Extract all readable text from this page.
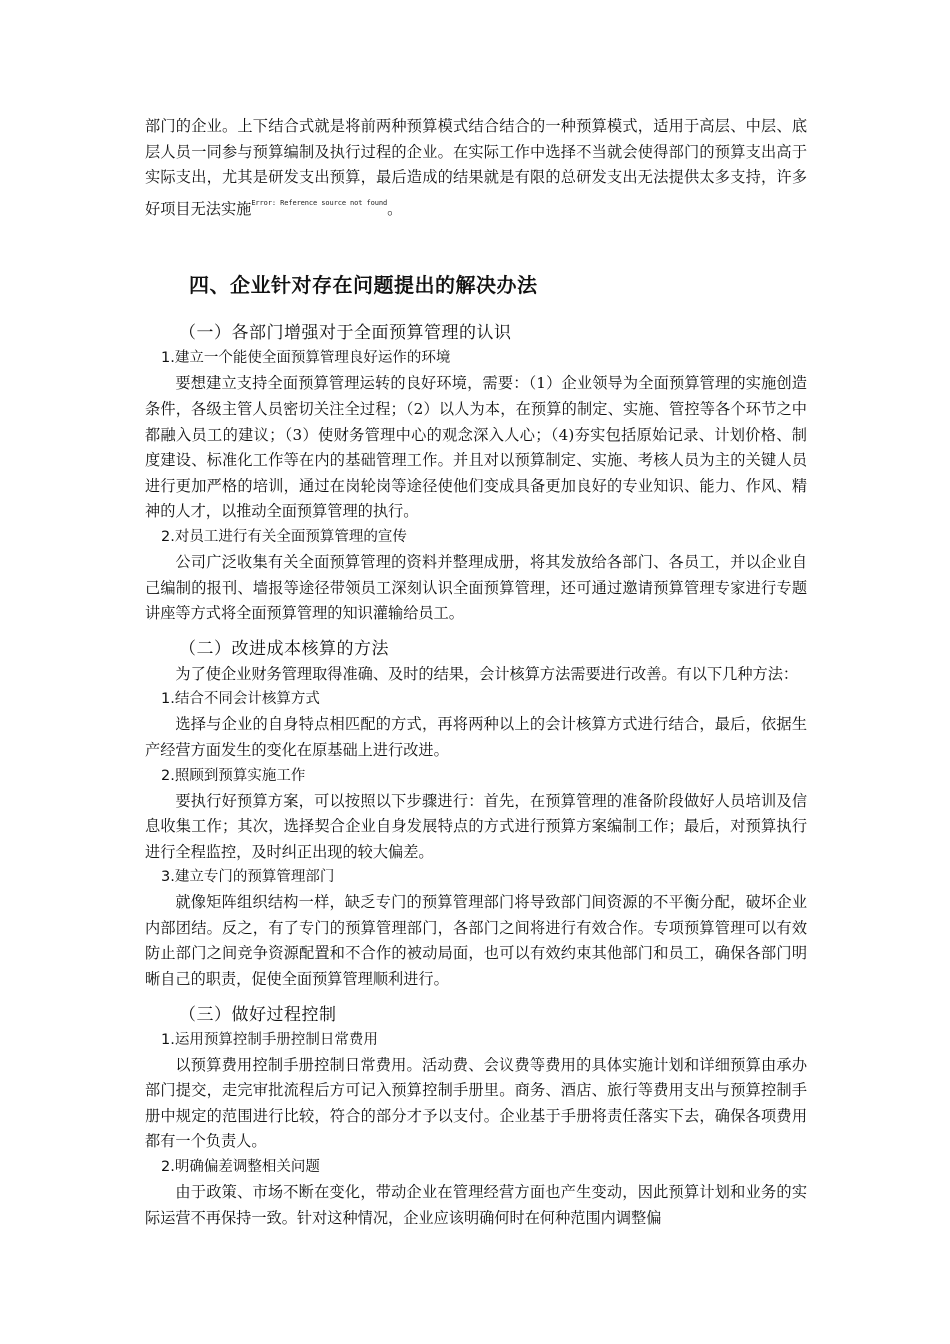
部门的企业。上下结合式就是将前两种预算模式结合结合的一种预算模式，适用于高层、中层、底层人员一同参与预算编制及执行过程的企业。在实际工作中选择不当就会使得部门的预算支出高于实际支出，尤其是研发支出预算，最后造成的结果就是有限的总研发支出无法提供太多支持，许多好项目无法实施$^{Error: Reference source not found}$。

四、企业针对存在问题提出的解决办法
（一）各部门增强对于全面预算管理的认识
1.建立一个能使全面预算管理良好运作的环境

要想建立支持全面预算管理运转的良好环境，需要：（1）企业领导为全面预算管理的实施创造条件，各级主管人员密切关注全过程；（2）以人为本，在预算的制定、实施、管控等各个环节之中都融入员工的建议；（3）使财务管理中心的观念深入人心；（4)夯实包括原始记录、计划价格、制度建设、标准化工作等在内的基础管理工作。并且对以预算制定、实施、考核人员为主的关键人员进行更加严格的培训，通过在岗轮岗等途径使他们变成具备更加良好的专业知识、能力、作风、精神的人才，以推动全面预算管理的执行。

2.对员工进行有关全面预算管理的宣传

公司广泛收集有关全面预算管理的资料并整理成册，将其发放给各部门、各员工，并以企业自己编制的报刊、墙报等途径带领员工深刻认识全面预算管理，还可通过邀请预算管理专家进行专题讲座等方式将全面预算管理的知识灌输给员工。

（二）改进成本核算的方法

为了使企业财务管理取得准确、及时的结果，会计核算方法需要进行改善。有以下几种方法：

1.结合不同会计核算方式

选择与企业的自身特点相匹配的方式，再将两种以上的会计核算方式进行结合，最后，依据生产经营方面发生的变化在原基础上进行改进。

2.照顾到预算实施工作

要执行好预算方案，可以按照以下步骤进行：首先，在预算管理的准备阶段做好人员培训及信息收集工作；其次，选择契合企业自身发展特点的方式进行预算方案编制工作；最后，对预算执行进行全程监控，及时纠正出现的较大偏差。

3.建立专门的预算管理部门

就像矩阵组织结构一样，缺乏专门的预算管理部门将导致部门间资源的不平衡分配，破坏企业内部团结。反之，有了专门的预算管理部门，各部门之间将进行有效合作。专项预算管理可以有效防止部门之间竞争资源配置和不合作的被动局面，也可以有效约束其他部门和员工，确保各部门明晰自己的职责，促使全面预算管理顺利进行。

（三）做好过程控制
1.运用预算控制手册控制日常费用

以预算费用控制手册控制日常费用。活动费、会议费等费用的具体实施计划和详细预算由承办部门提交，走完审批流程后方可记入预算控制手册里。商务、酒店、旅行等费用支出与预算控制手册中规定的范围进行比较，符合的部分才予以支付。企业基于手册将责任落实下去，确保各项费用都有一个负责人。

2.明确偏差调整相关问题

由于政策、市场不断在变化，带动企业在管理经营方面也产生变动，因此预算计划和业务的实际运营不再保持一致。针对这种情况，企业应该明确何时在何种范围内调整偏
